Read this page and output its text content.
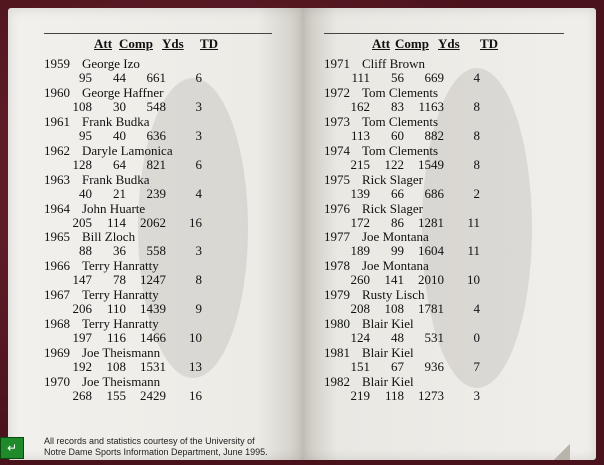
Att Comp Yds TD
1959 George Izo
95	44	661	6
1960 George Haffner
108	30	548	3
1961 Frank Budka
95	40	636	3
1962 Daryle Lamonica
128	64	821	6
1963 Frank Budka
40	21	239	4
1964 John Huarte
205	114	2062	16
1965 Bill Zloch
88	36	558	3
1966 Terry Hanratty
147	78	1247	8
1967 Terry Hanratty
206	110	1439	9
1968 Terry Hanratty
197	116	1466	10
1969 Joe Theismann
192	108	1531	13
1970 Joe Theismann
268	155	2429	16
All records and statistics courtesy of the University of
Notre Dame Sports Information Department, June 1995.
Att Comp Yds TD
1971 Cliff Brown
111	56	669	4
1972 Tom Clements
162	83	1163	8
1973 Tom Clements
113	60	882	8
1974 Tom Clements
215	122	1549	8
1975 Rick Slager
139	66	686	2
1976 Rick Slager
172	86	1281	11
1977 Joe Montana
189	99	1604	11
1978 Joe Montana
260	141	2010	10
1979 Rusty Lisch
208	108	1781	4
1980 Blair Kiel
124	48	531	0
1981 Blair Kiel
151	67	936	7
1982 Blair Kiel
219	118	1273	3
↵
